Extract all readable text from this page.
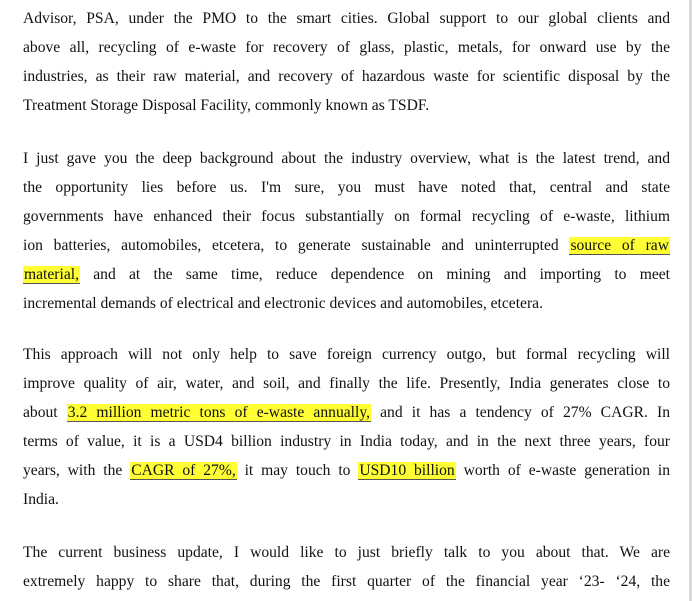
Advisor, PSA, under the PMO to the smart cities. Global support to our global clients and
above all, recycling of e-waste for recovery of glass, plastic, metals, for onward use by the
industries, as their raw material, and recovery of hazardous waste for scientific disposal by the
Treatment Storage Disposal Facility, commonly known as TSDF.
I just gave you the deep background about the industry overview, what is the latest trend, and
the opportunity lies before us. I'm sure, you must have noted that, central and state
governments have enhanced their focus substantially on formal recycling of e-waste, lithium
ion batteries, automobiles, etcetera, to generate sustainable and uninterrupted source of raw
material, and at the same time, reduce dependence on mining and importing to meet
incremental demands of electrical and electronic devices and automobiles, etcetera.
This approach will not only help to save foreign currency outgo, but formal recycling will
improve quality of air, water, and soil, and finally the life. Presently, India generates close to
about 3.2 million metric tons of e-waste annually, and it has a tendency of 27% CAGR. In
terms of value, it is a USD4 billion industry in India today, and in the next three years, four
years, with the CAGR of 27%, it may touch to USD10 billion worth of e-waste generation in
India.
The current business update, I would like to just briefly talk to you about that. We are
extremely happy to share that, during the first quarter of the financial year ‘23- ‘24, the
